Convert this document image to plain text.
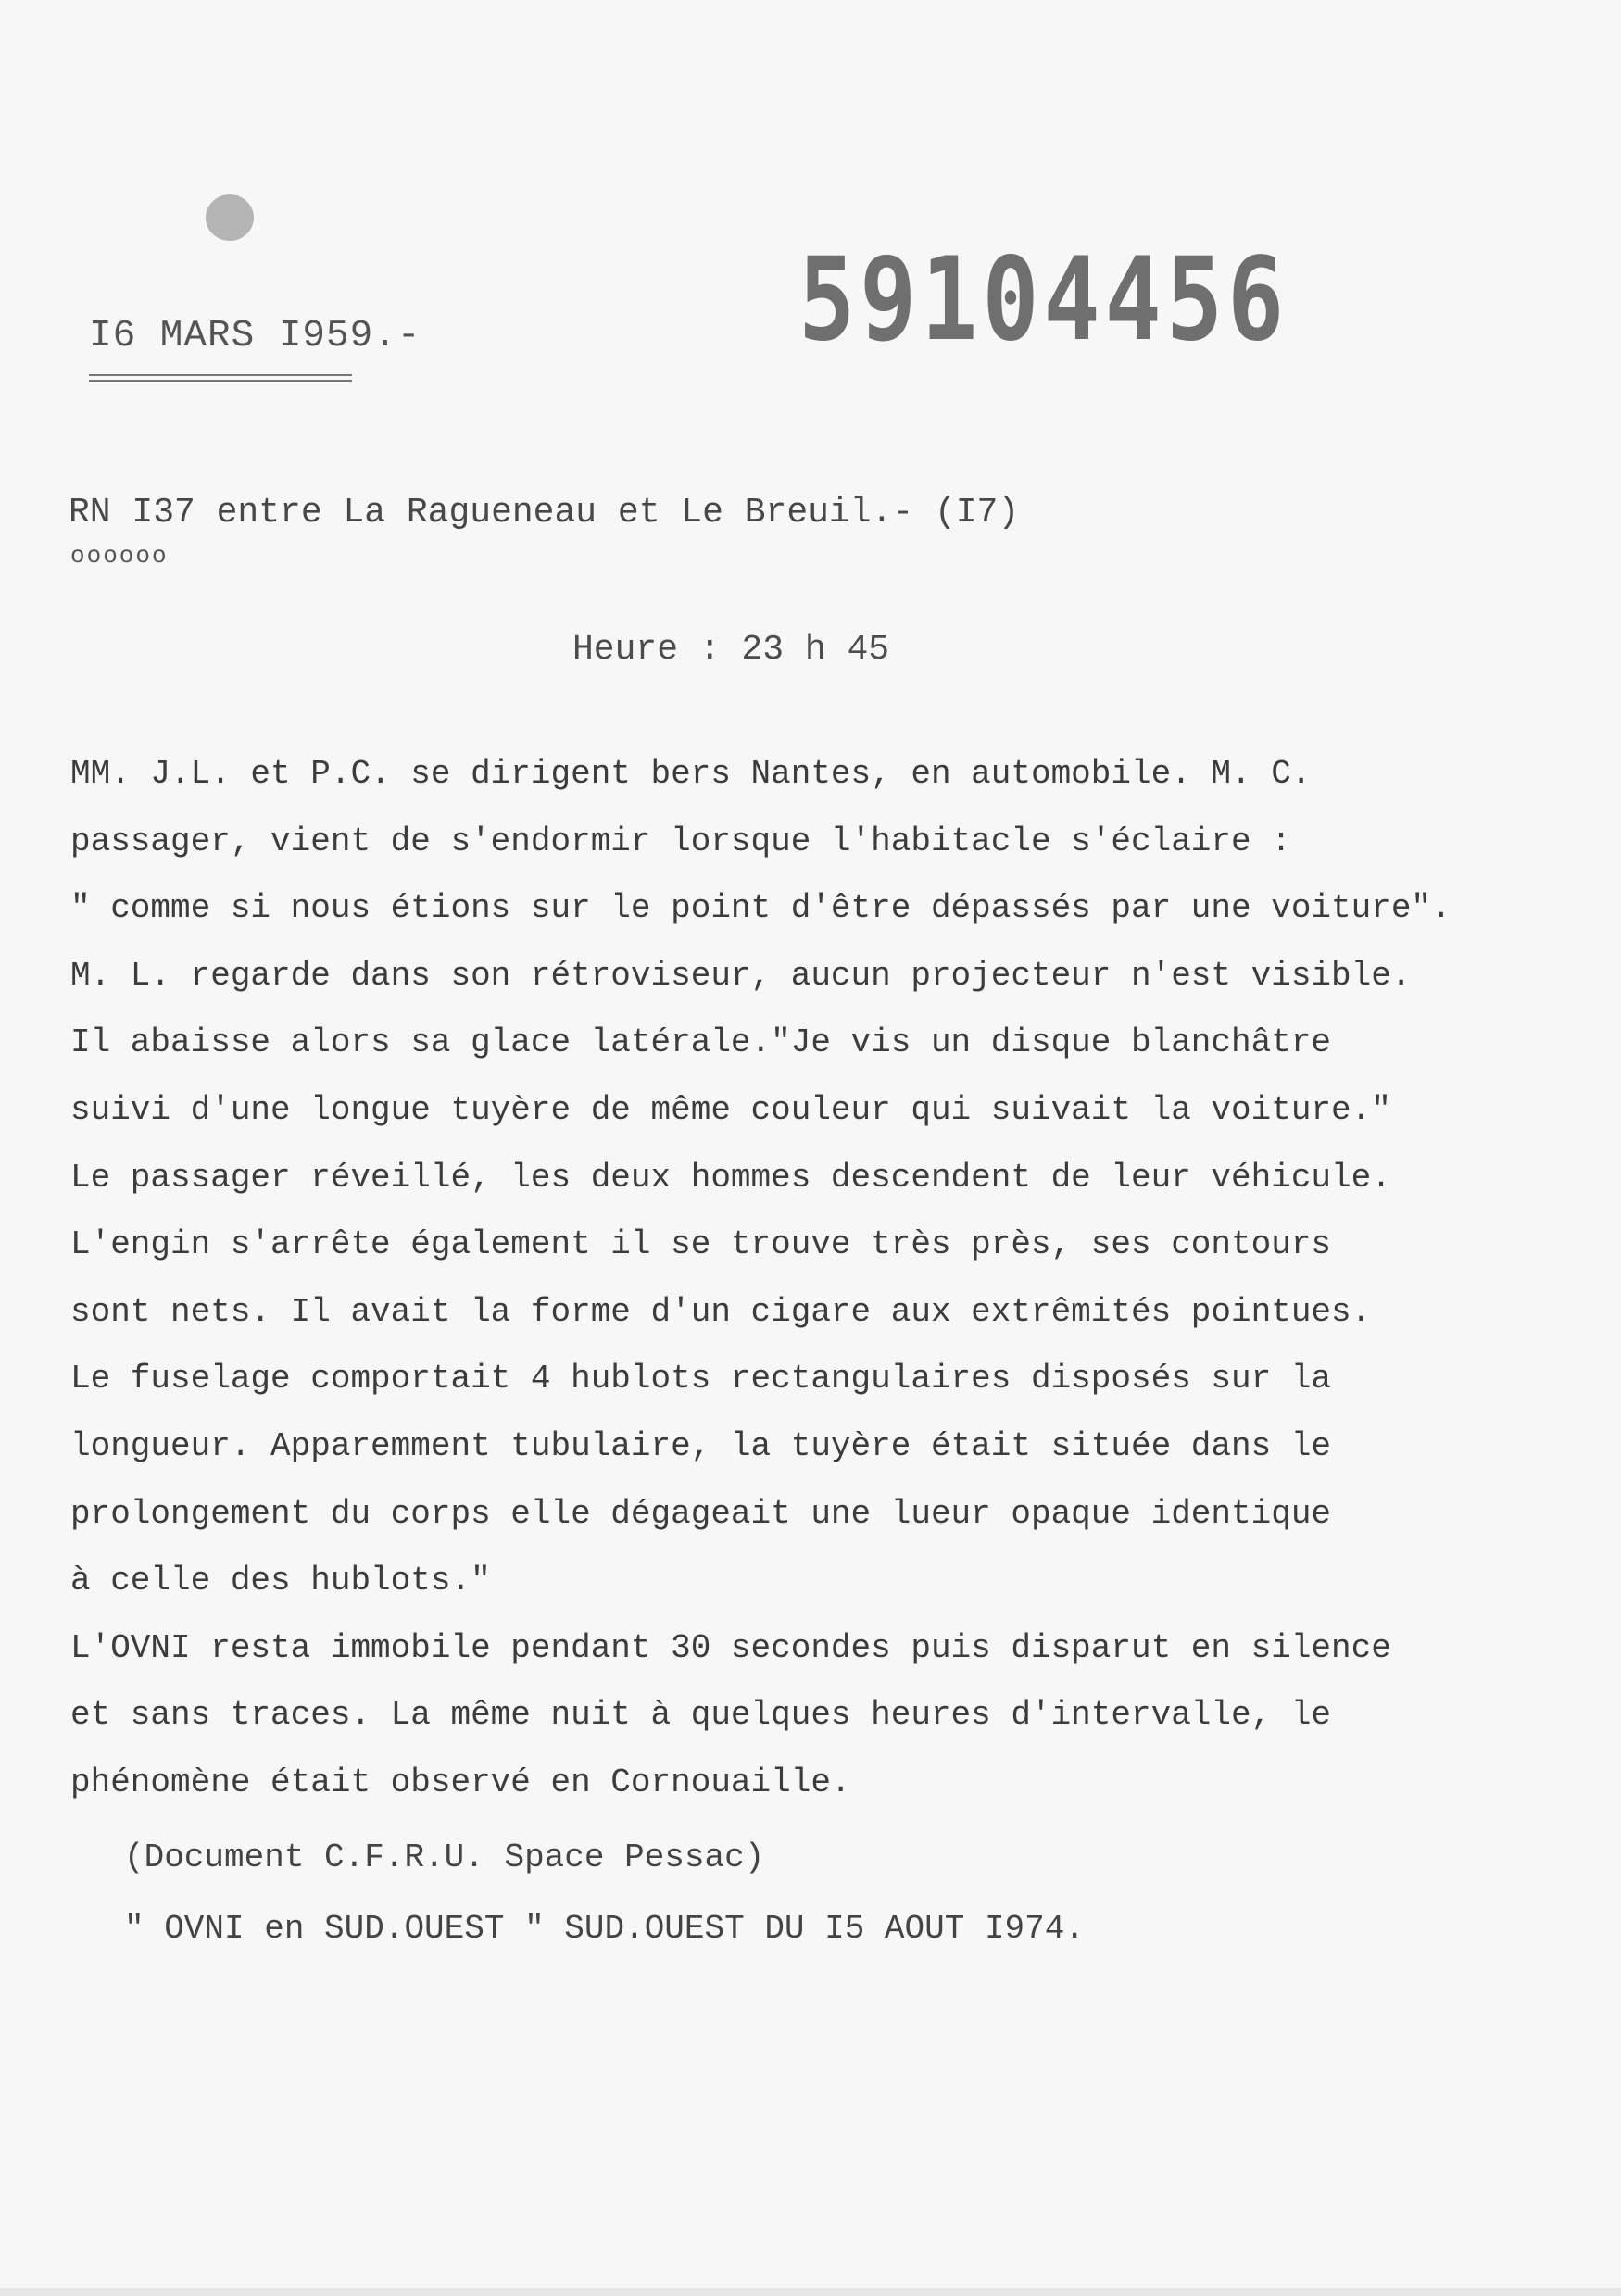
59104456
I6 MARS I959.-
RN I37 entre La Ragueneau et Le Breuil.- (I7)
oooooo
Heure : 23 h 45
MM. J.L. et P.C. se dirigent bers Nantes, en automobile. M. C.
passager, vient de s'endormir lorsque l'habitacle s'éclaire :
" comme si nous étions sur le point d'être dépassés par une voiture".
M. L. regarde dans son rétroviseur, aucun projecteur n'est visible.
Il abaisse alors sa glace latérale."Je vis un disque blanchâtre
suivi d'une longue tuyère de même couleur qui suivait la voiture."
Le passager réveillé, les deux hommes descendent de leur véhicule.
L'engin s'arrête également il se trouve très près, ses contours
sont nets. Il avait la forme d'un cigare aux extrêmités pointues.
Le fuselage comportait 4 hublots rectangulaires disposés sur la
longueur. Apparemment tubulaire, la tuyère était située dans le
prolongement du corps elle dégageait une lueur opaque identique
à celle des hublots."
L'OVNI resta immobile pendant 30 secondes puis disparut en silence
et sans traces. La même nuit à quelques heures d'intervalle, le
phénomène était observé en Cornouaille.
(Document C.F.R.U. Space Pessac)
" OVNI en SUD.OUEST " SUD.OUEST DU I5 AOUT I974.
